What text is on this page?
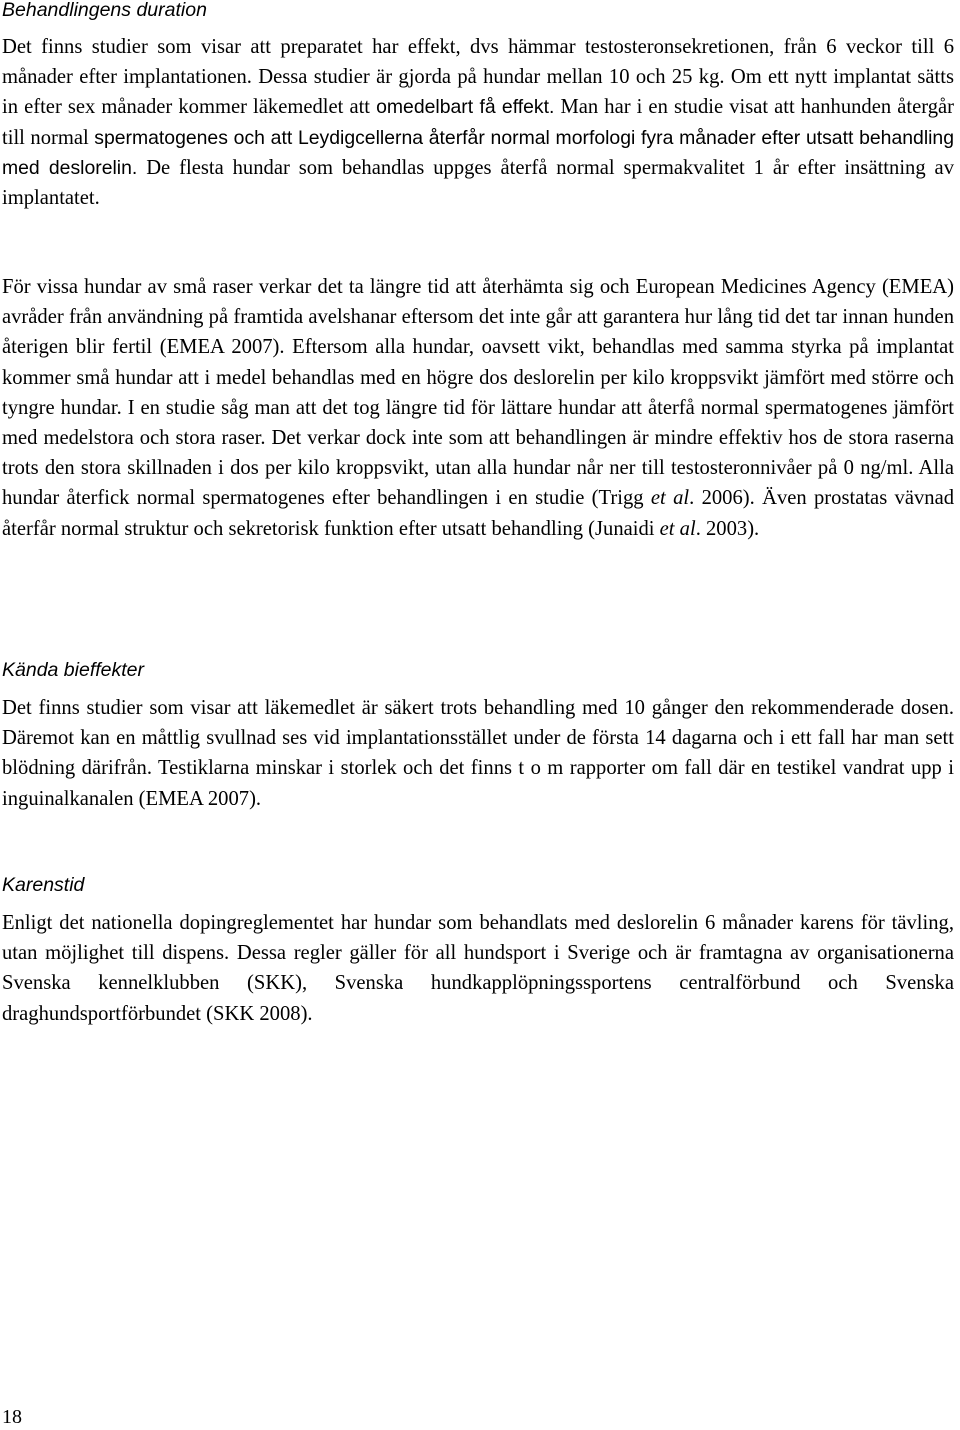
Behandlingens duration

Det finns studier som visar att preparatet har effekt, dvs hämmar testosteronsekretionen, från 6 veckor till 6 månader efter implantationen. Dessa studier är gjorda på hundar mellan 10 och 25 kg. Om ett nytt implantat sätts in efter sex månader kommer läkemedlet att omedelbart få effekt. Man har i en studie visat att hanhunden återgår till normal spermatogenes och att Leydigcellerna återfår normal morfologi fyra månader efter utsatt behandling med deslorelin. De flesta hundar som behandlas uppges återfå normal spermakvalitet 1 år efter insättning av implantatet.

För vissa hundar av små raser verkar det ta längre tid att återhämta sig och European Medicines Agency (EMEA) avråder från användning på framtida avelshanar eftersom det inte går att garantera hur lång tid det tar innan hunden återigen blir fertil (EMEA 2007). Eftersom alla hundar, oavsett vikt, behandlas med samma styrka på implantat kommer små hundar att i medel behandlas med en högre dos deslorelin per kilo kroppsvikt jämfört med större och tyngre hundar. I en studie såg man att det tog längre tid för lättare hundar att återfå normal spermatogenes jämfört med medelstora och stora raser. Det verkar dock inte som att behandlingen är mindre effektiv hos de stora raserna trots den stora skillnaden i dos per kilo kroppsvikt, utan alla hundar når ner till testosteronnivåer på 0 ng/ml. Alla hundar återfick normal spermatogenes efter behandlingen i en studie (Trigg et al. 2006). Även prostatas vävnad återfår normal struktur och sekretorisk funktion efter utsatt behandling (Junaidi et al. 2003).

Kända bieffekter

Det finns studier som visar att läkemedlet är säkert trots behandling med 10 gånger den rekommenderade dosen. Däremot kan en måttlig svullnad ses vid implantationsstället under de första 14 dagarna och i ett fall har man sett blödning därifrån. Testiklarna minskar i storlek och det finns t o m rapporter om fall där en testikel vandrat upp i inguinalkanalen (EMEA 2007).

Karenstid

Enligt det nationella dopingreglementet har hundar som behandlats med deslorelin 6 månader karens för tävling, utan möjlighet till dispens. Dessa regler gäller för all hundsport i Sverige och är framtagna av organisationerna Svenska kennelklubben (SKK), Svenska hundkapplöpningssportens centralförbund och Svenska draghundsportförbundet (SKK 2008).

18
